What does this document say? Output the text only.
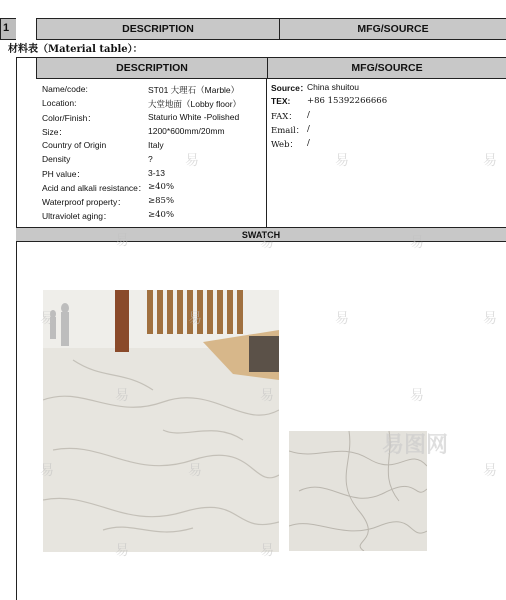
1	DESCRIPTION	MFG/SOURCE
材料表（Material table）：
DESCRIPTION	MFG/SOURCE
Name/code:	ST01 大理石（Marble）
Location:	大堂地面（Lobby floor）
Color/Finish：	Staturio White -Polished
Size：	1200*600mm/20mm
Country of Origin	Italy
Density	?
PH value：	3-13
Acid and alkali resistance： ≥40%
Waterproof property：	≥85%
Ultraviolet aging：	≥40%
Source：
China shuitou
TEX: +86 15392266666
FAX： /
Email： /
Web： /
SWATCH
易	易
易
易	易	易
易	易	易	易
易	易	易
易	易	易
易	易
易图网
